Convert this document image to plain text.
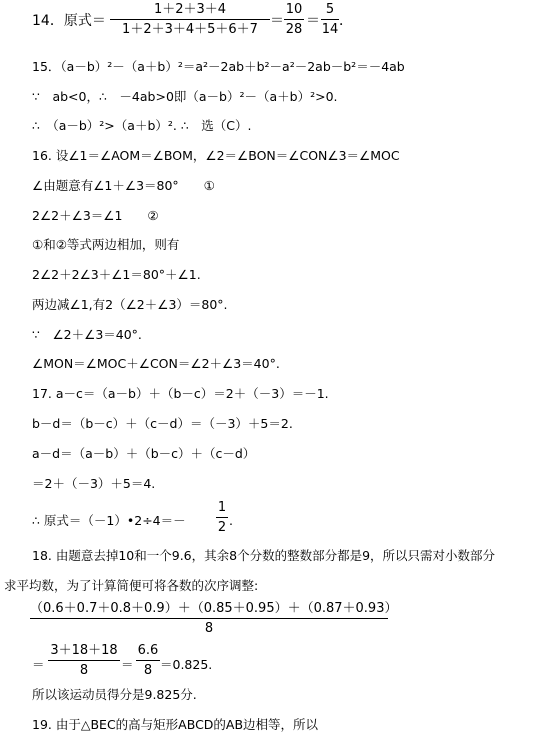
14．原式＝
1＋2＋3＋4
1＋2＋3＋4＋5＋6＋7
＝
10
28
＝
5
14
．
15．（a－b）²－（a＋b）²＝a²－2ab＋b²－a²－2ab－b²＝－4ab
∵　ab<0，∴　－4ab>0即（a－b）²－（a＋b）²>0.
∴　（a－b）²>（a＋b）². ∴　选（C）.
16. 设∠1＝∠AOM＝∠BOM，∠2＝∠BON＝∠CON∠3＝∠MOC
∠由题意有∠1＋∠3＝80°　　①
2∠2＋∠3＝∠1　　②
①和②等式两边相加，则有
2∠2＋2∠3＋∠1＝80°＋∠1.
两边减∠1,有2（∠2＋∠3）＝80°.
∵　∠2＋∠3＝40°.
∠MON＝∠MOC＋∠CON＝∠2＋∠3＝40°.
17. a－c＝（a－b）＋（b－c）＝2＋（－3）＝－1.
b－d＝（b－c）＋（c－d）＝（－3）＋5＝2.
a－d＝（a－b）＋（b－c）＋（c－d）
＝2＋（－3）＋5＝4.
∴ 原式＝（－1）•2÷4＝－
1
2 .
18. 由题意去掉10和一个9.6，其余8个分数的整数部分都是9，所以只需对小数部分
求平均数，为了计算简便可将各数的次序调整:
（0.6＋0.7＋0.8＋0.9）＋（0.85＋0.95）＋（0.87＋0.93）
8
＝
3＋18＋18
8	＝
6.6
8 ＝0.825.
所以该运动员得分是9.825分.
19. 由于△BEC的高与矩形ABCD的AB边相等，所以
